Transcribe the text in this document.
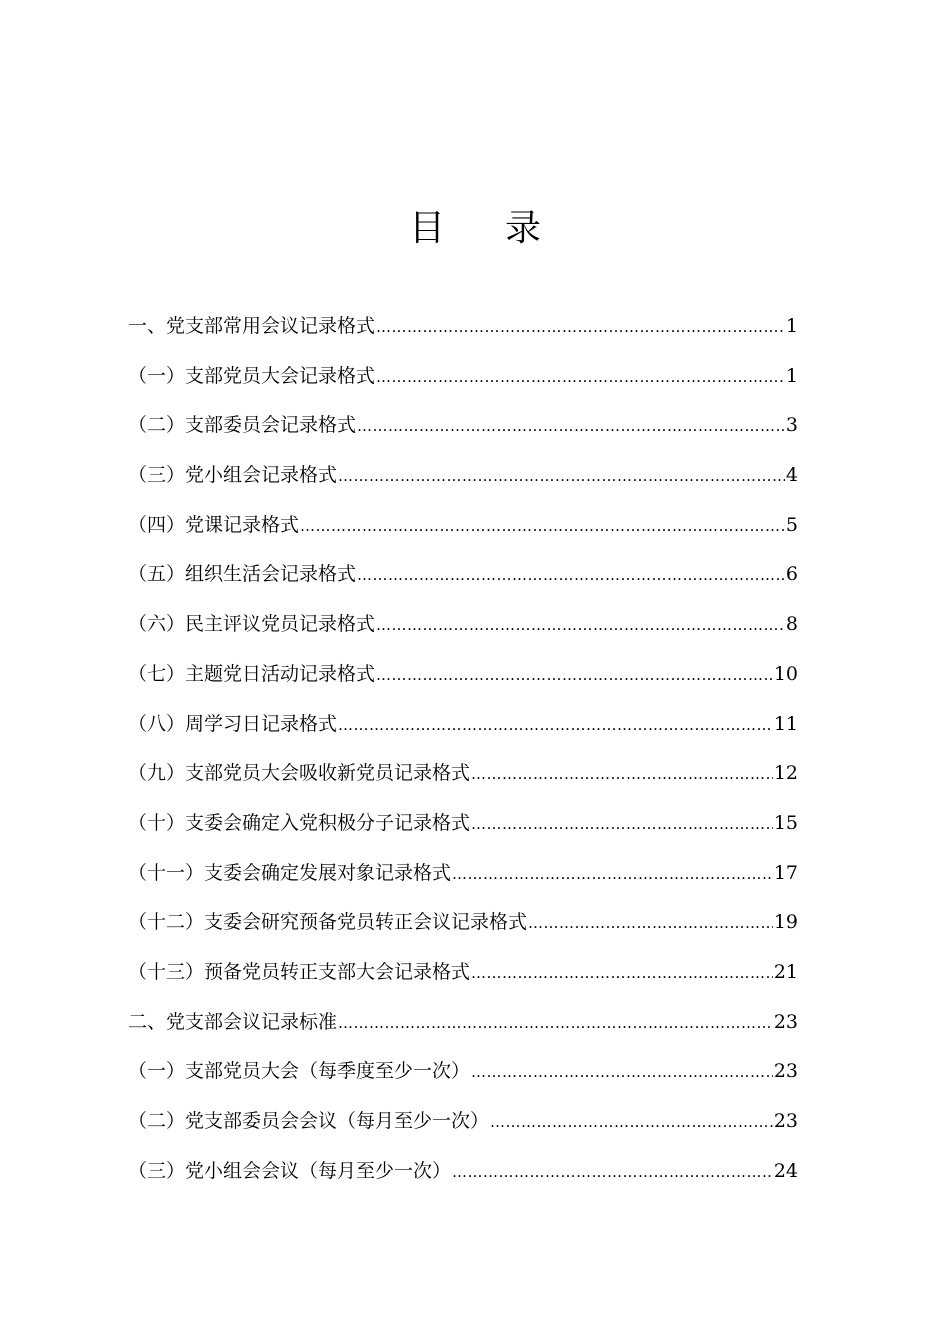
目 录
一、党支部常用会议记录格式 ……………………………………………………………………………………………………………………………………………………	1
（一）支部党员大会记录格式 ……………………………………………………………………………………………………………………………………………………	1
（二）支部委员会记录格式 ……………………………………………………………………………………………………………………………………………………	3
（三）党小组会记录格式 ……………………………………………………………………………………………………………………………………………………	4
（四）党课记录格式 ……………………………………………………………………………………………………………………………………………………	5
（五）组织生活会记录格式 ……………………………………………………………………………………………………………………………………………………	6
（六）民主评议党员记录格式 ……………………………………………………………………………………………………………………………………………………	8
（七）主题党日活动记录格式 ……………………………………………………………………………………………………………………………………………………	10
（八）周学习日记录格式 ……………………………………………………………………………………………………………………………………………………	11
（九）支部党员大会吸收新党员记录格式 ……………………………………………………………………………………………………………………………………………………	12
（十）支委会确定入党积极分子记录格式 ……………………………………………………………………………………………………………………………………………………	15
（十一）支委会确定发展对象记录格式 ……………………………………………………………………………………………………………………………………………………	17
（十二）支委会研究预备党员转正会议记录格式 ……………………………………………………………………………………………………………………………………………………	19
（十三）预备党员转正支部大会记录格式 ……………………………………………………………………………………………………………………………………………………	21
二、党支部会议记录标准 ……………………………………………………………………………………………………………………………………………………	23
（一）支部党员大会（每季度至少一次） ……………………………………………………………………………………………………………………………………………………	23
（二）党支部委员会会议（每月至少一次） ……………………………………………………………………………………………………………………………………………………	23
（三）党小组会会议（每月至少一次） ……………………………………………………………………………………………………………………………………………………	24
